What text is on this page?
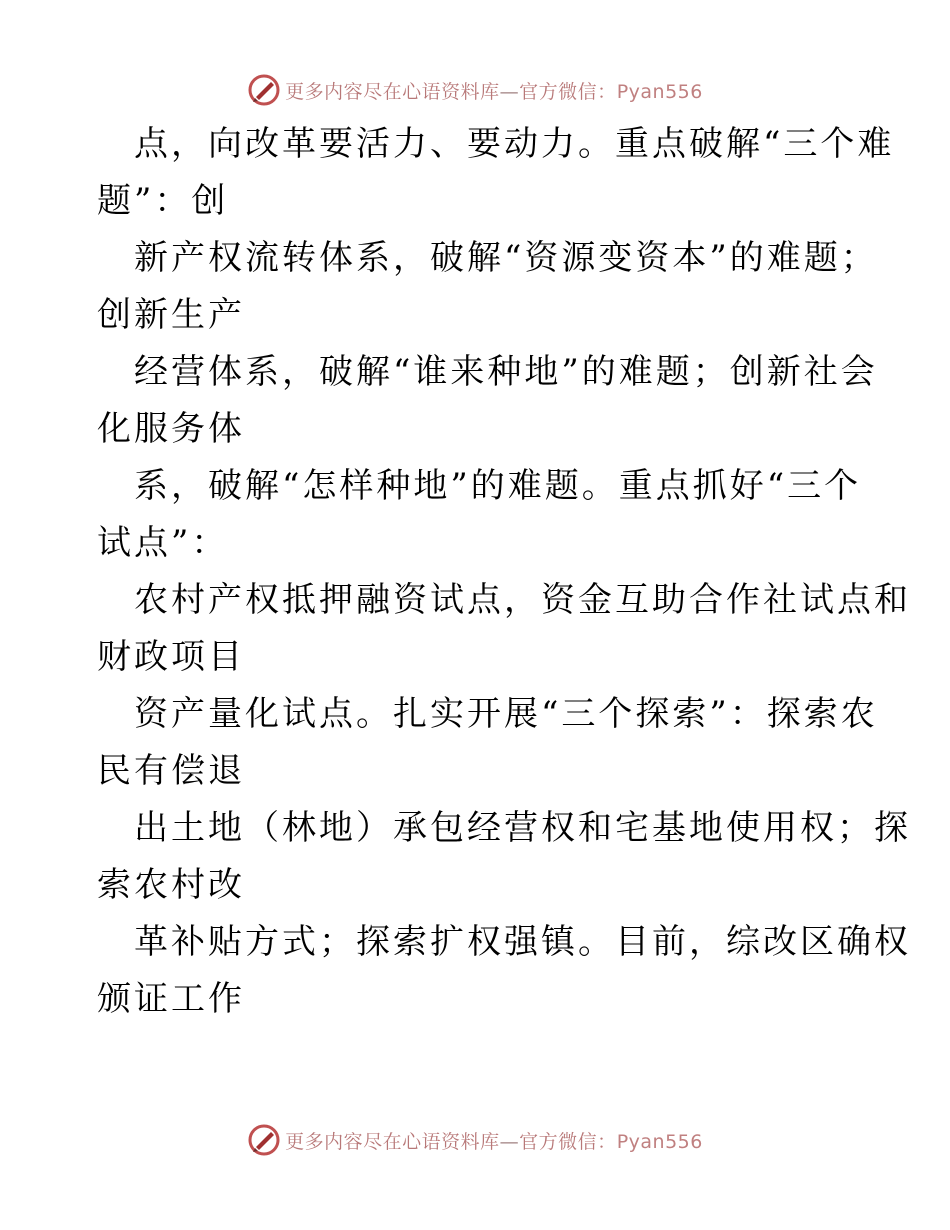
更多内容尽在心语资料库—官方微信：Pyan556
点，向改革要活力、要动力。重点破解“三个难
题”：创
新产权流转体系，破解“资源变资本”的难题；
创新生产
经营体系，破解“谁来种地”的难题；创新社会
化服务体
系，破解“怎样种地”的难题。重点抓好“三个
试点”：
农村产权抵押融资试点，资金互助合作社试点和
财政项目
资产量化试点。扎实开展“三个探索”：探索农
民有偿退
出土地（林地）承包经营权和宅基地使用权；探
索农村改
革补贴方式；探索扩权强镇。目前，综改区确权
颁证工作
更多内容尽在心语资料库—官方微信：Pyan556
